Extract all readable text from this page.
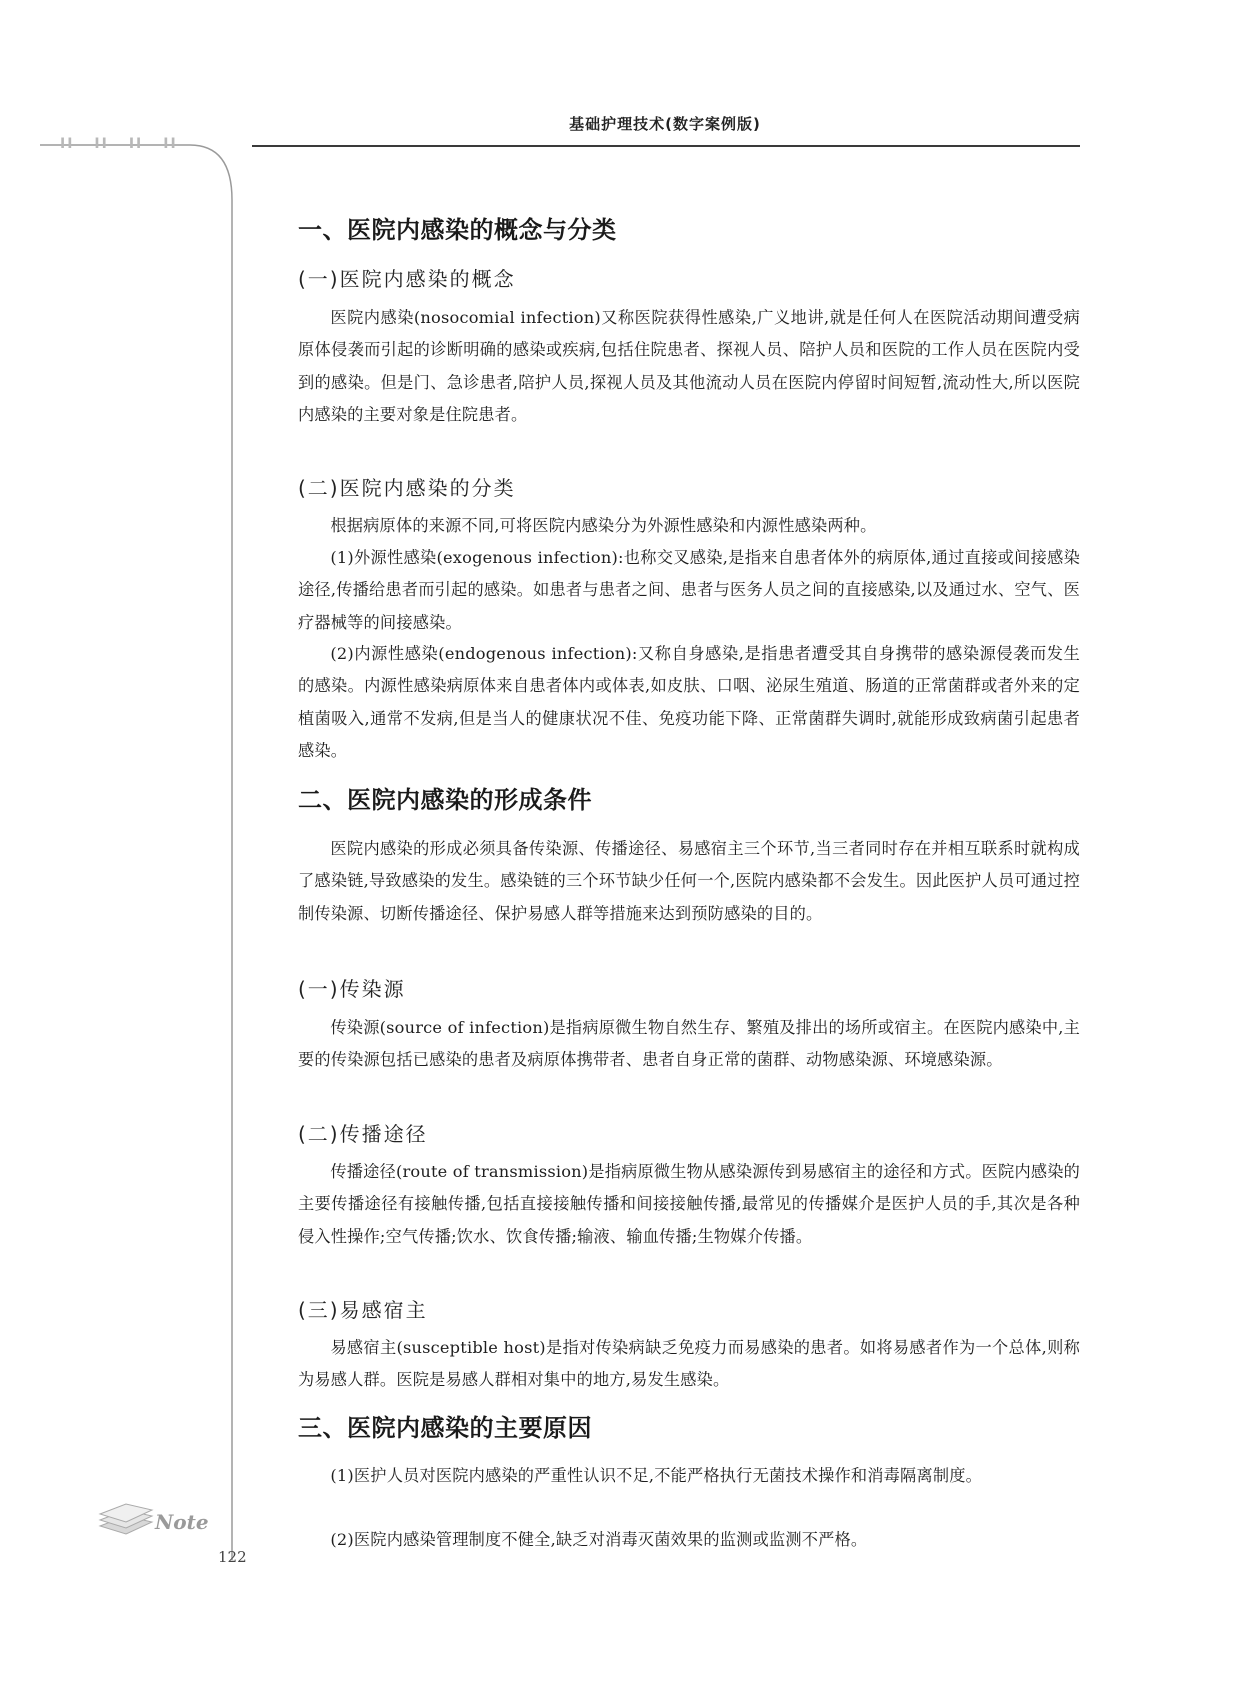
II II II II
基础护理技术(数字案例版)
一、医院内感染的概念与分类
(一)医院内感染的概念

医院内感染(nosocomial infection)又称医院获得性感染,广义地讲,就是任何人在医院活动期间遭受病原体侵袭而引起的诊断明确的感染或疾病,包括住院患者、探视人员、陪护人员和医院的工作人员在医院内受到的感染。但是门、急诊患者,陪护人员,探视人员及其他流动人员在医院内停留时间短暂,流动性大,所以医院内感染的主要对象是住院患者。

(二)医院内感染的分类

根据病原体的来源不同,可将医院内感染分为外源性感染和内源性感染两种。

(1)外源性感染(exogenous infection):也称交叉感染,是指来自患者体外的病原体,通过直接或间接感染途径,传播给患者而引起的感染。如患者与患者之间、患者与医务人员之间的直接感染,以及通过水、空气、医疗器械等的间接感染。

(2)内源性感染(endogenous infection):又称自身感染,是指患者遭受其自身携带的感染源侵袭而发生的感染。内源性感染病原体来自患者体内或体表,如皮肤、口咽、泌尿生殖道、肠道的正常菌群或者外来的定植菌吸入,通常不发病,但是当人的健康状况不佳、免疫功能下降、正常菌群失调时,就能形成致病菌引起患者感染。

二、医院内感染的形成条件

医院内感染的形成必须具备传染源、传播途径、易感宿主三个环节,当三者同时存在并相互联系时就构成了感染链,导致感染的发生。感染链的三个环节缺少任何一个,医院内感染都不会发生。因此医护人员可通过控制传染源、切断传播途径、保护易感人群等措施来达到预防感染的目的。

(一)传染源

传染源(source of infection)是指病原微生物自然生存、繁殖及排出的场所或宿主。在医院内感染中,主要的传染源包括已感染的患者及病原体携带者、患者自身正常的菌群、动物感染源、环境感染源。

(二)传播途径

传播途径(route of transmission)是指病原微生物从感染源传到易感宿主的途径和方式。医院内感染的主要传播途径有接触传播,包括直接接触传播和间接接触传播,最常见的传播媒介是医护人员的手,其次是各种侵入性操作;空气传播;饮水、饮食传播;输液、输血传播;生物媒介传播。

(三)易感宿主

易感宿主(susceptible host)是指对传染病缺乏免疫力而易感染的患者。如将易感者作为一个总体,则称为易感人群。医院是易感人群相对集中的地方,易发生感染。

三、医院内感染的主要原因

(1)医护人员对医院内感染的严重性认识不足,不能严格执行无菌技术操作和消毒隔离制度。

(2)医院内感染管理制度不健全,缺乏对消毒灭菌效果的监测或监测不严格。

Note
122
